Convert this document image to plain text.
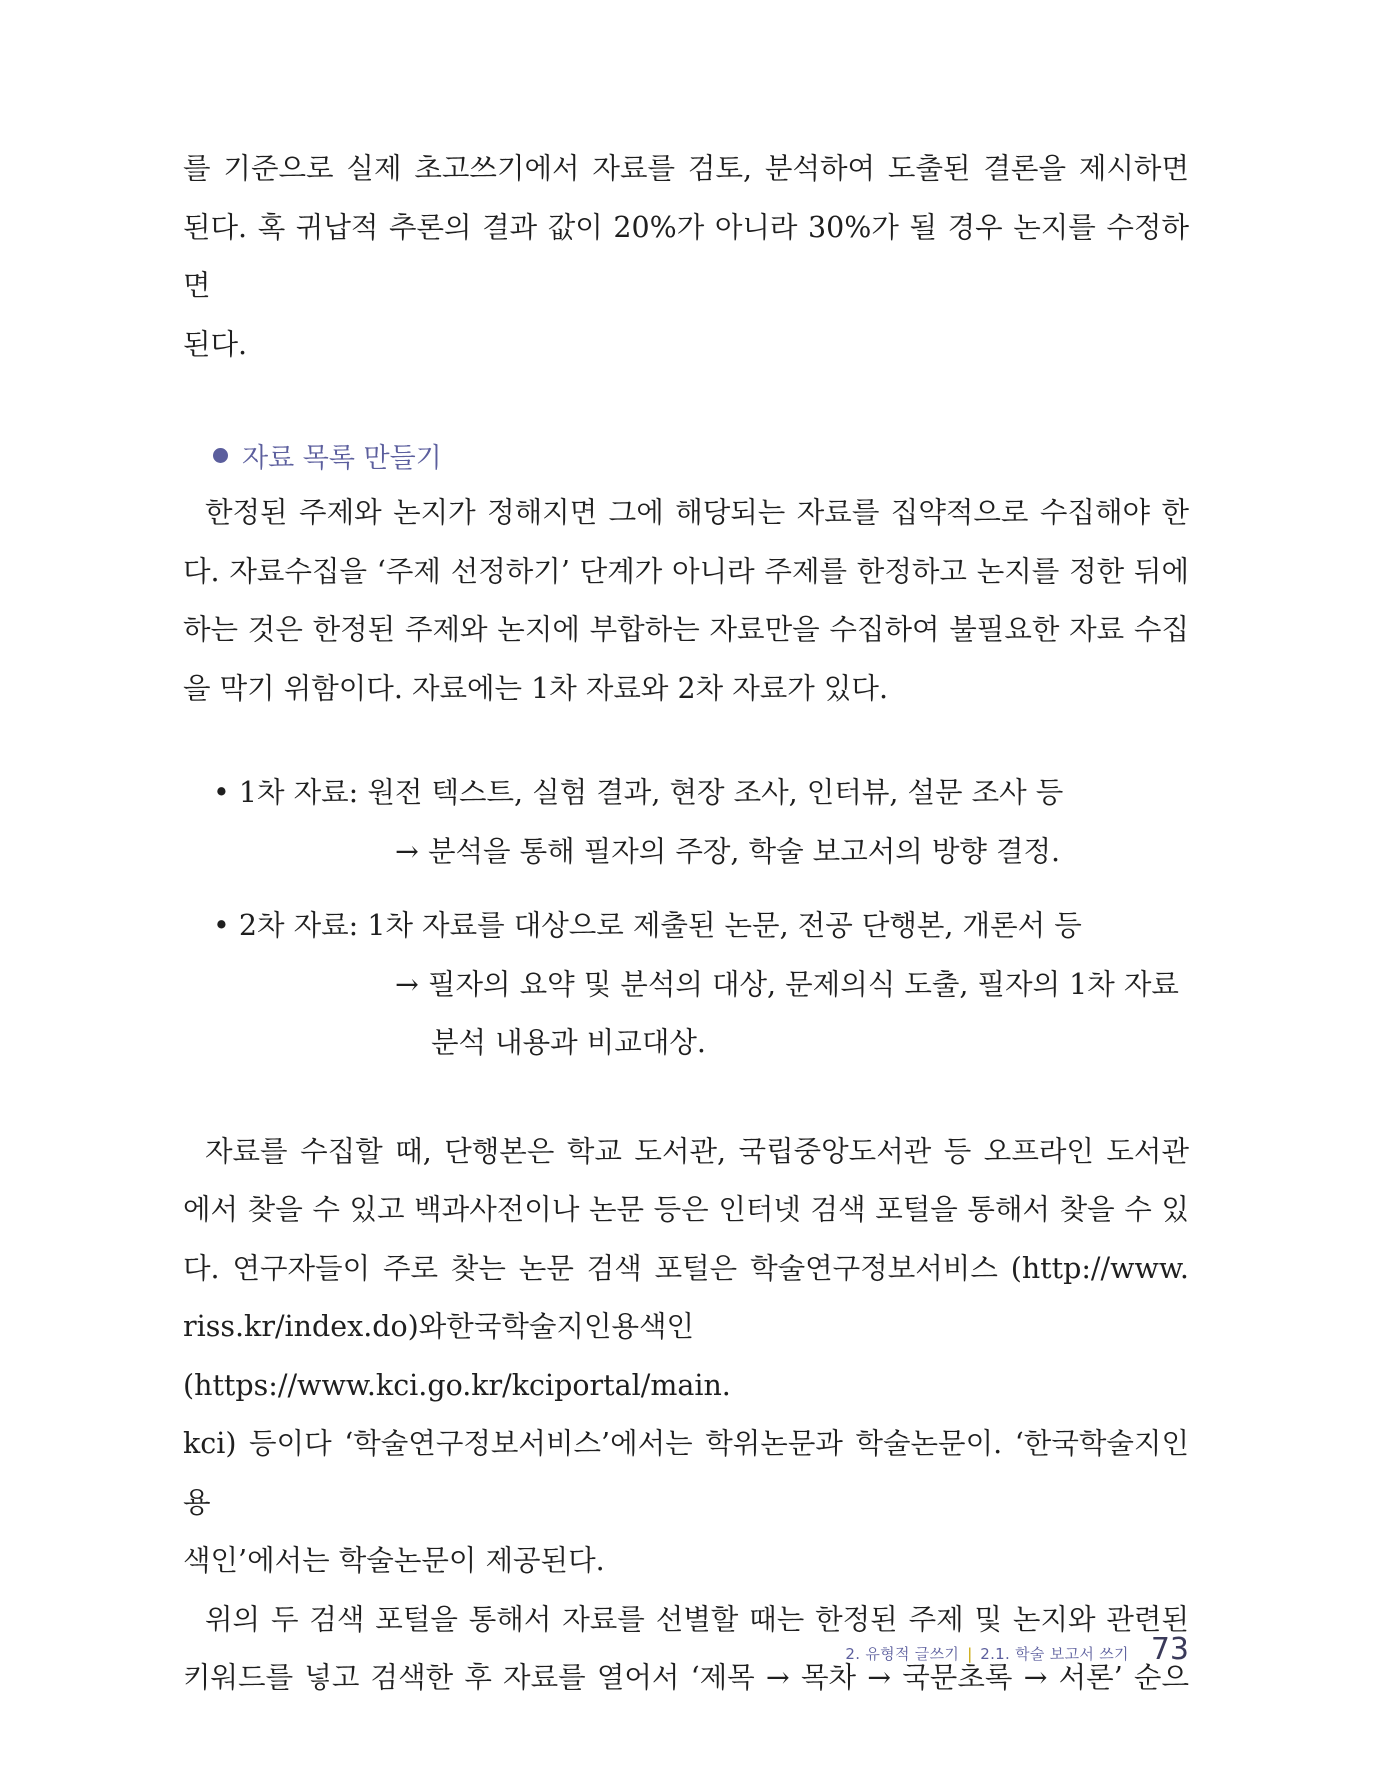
를 기준으로 실제 초고쓰기에서 자료를 검토, 분석하여 도출된 결론을 제시하면

된다. 혹 귀납적 추론의 결과 값이 20%가 아니라 30%가 될 경우 논지를 수정하면

된다.

자료 목록 만들기

한정된 주제와 논지가 정해지면 그에 해당되는 자료를 집약적으로 수집해야 한

다. 자료수집을 ‘주제 선정하기’ 단계가 아니라 주제를 한정하고 논지를 정한 뒤에

하는 것은 한정된 주제와 논지에 부합하는 자료만을 수집하여 불필요한 자료 수집

을 막기 위함이다. 자료에는 1차 자료와 2차 자료가 있다.

• 1차 자료: 원전 텍스트, 실험 결과, 현장 조사, 인터뷰, 설문 조사 등
→ 분석을 통해 필자의 주장, 학술 보고서의 방향 결정.
• 2차 자료: 1차 자료를 대상으로 제출된 논문, 전공 단행본, 개론서 등
→ 필자의 요약 및 분석의 대상, 문제의식 도출, 필자의 1차 자료
분석 내용과 비교대상.

자료를 수집할 때, 단행본은 학교 도서관, 국립중앙도서관 등 오프라인 도서관

에서 찾을 수 있고 백과사전이나 논문 등은 인터넷 검색 포털을 통해서 찾을 수 있

다. 연구자들이 주로 찾는 논문 검색 포털은 학술연구정보서비스 (http://www.

riss.kr/index.do)와한국학술지인용색인(https://www.kci.go.kr/kciportal/main.

kci) 등이다 ‘학술연구정보서비스’에서는 학위논문과 학술논문이. ‘한국학술지인용

색인’에서는 학술논문이 제공된다.

위의 두 검색 포털을 통해서 자료를 선별할 때는 한정된 주제 및 논지와 관련된

키워드를 넣고 검색한 후 자료를 열어서 ‘제목 → 목차 → 국문초록 → 서론’ 순으

2. 유형적 글쓰기 | 2.1. 학술 보고서 쓰기 73
